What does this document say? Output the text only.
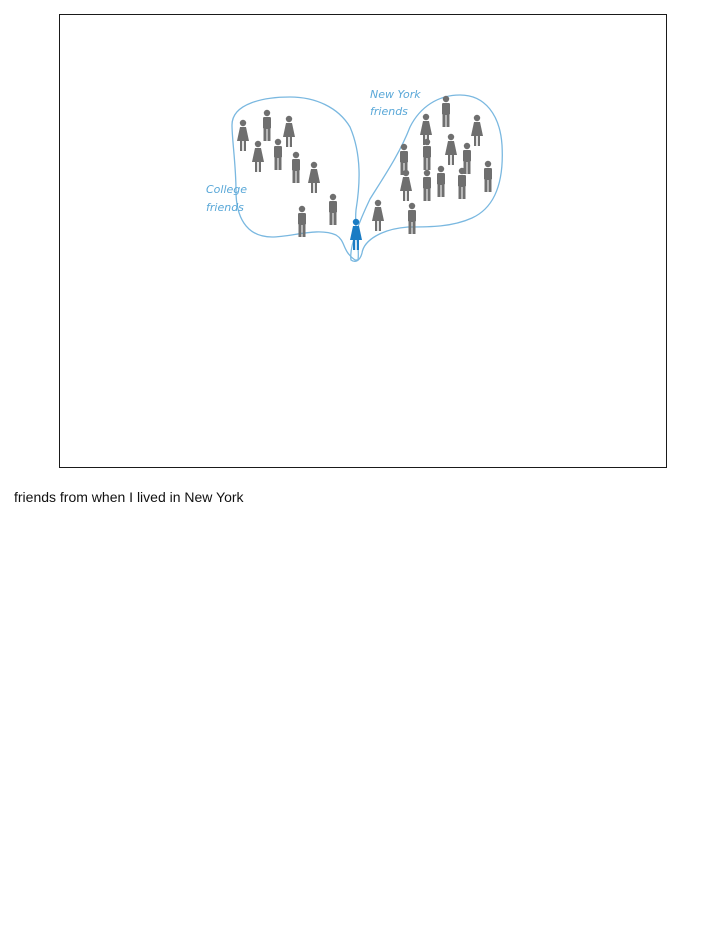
New York
friends
College
friends
friends from when I lived in New York
